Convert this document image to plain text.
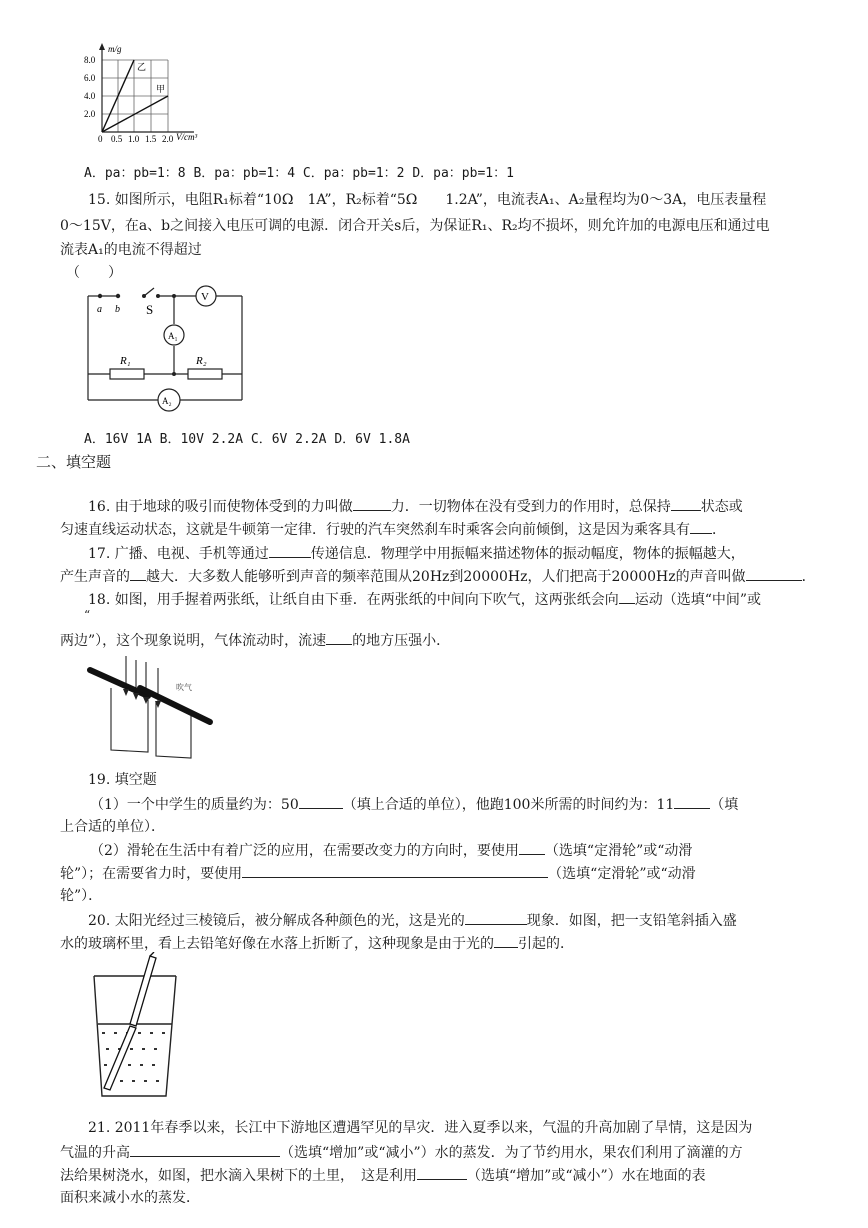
m/g
8.0
6.0
4.0
2.0
0 0.5 1.0 1.5 2.0 V/cm³
乙
甲
A．pa：pb=1：8 B．pa：pb=1：4 C．pa：pb=1：2 D．pa：pb=1：1
15. 如图所示，电阻R₁标着“10Ω　1A”，R₂标着“5Ω　　1.2A”，电流表A₁、A₂量程均为0～3A，电压表量程
0～15V，在a、b之间接入电压可调的电源．闭合开关s后，为保证R₁、R₂均不损坏，则允许加的电源电压和通过电
流表A₁的电流不得超过
（　　）
a b S
V
A₁
A₂
R₁	R₂
A．16V 1A B．10V 2.2A C．6V 2.2A D．6V 1.8A
二、填空题
16. 由于地球的吸引而使物体受到的力叫做	力．一切物体在没有受到力的作用时，总保持 状态或
匀速直线运动状态，这就是牛顿第一定律．行驶的汽车突然刹车时乘客会向前倾倒，这是因为乘客具有 ．
17. 广播、电视、手机等通过	传递信息．物理学中用振幅来描述物体的振动幅度，物体的振幅越大，
产生声音的 越大．大多数人能够听到声音的频率范围从20Hz到20000Hz，人们把高于20000Hz的声音叫做	．
18. 如图，用手握着两张纸，让纸自由下垂．在两张纸的中间向下吹气，这两张纸会向 运动（选填“中间”或
“
两边”），这个现象说明，气体流动时，流速 的地方压强小．
吹气
19. 填空题
（1）一个中学生的质量约为：50	（填上合适的单位），他跑100米所需的时间约为：11	（填
上合适的单位）．
（2）滑轮在生活中有着广泛的应用，在需要改变力的方向时，要使用 （选填“定滑轮”或“动滑
轮”）；在需要省力时，要使用	（选填“定滑轮”或“动滑
轮”）．
20. 太阳光经过三棱镜后，被分解成各种颜色的光，这是光的	现象．如图，把一支铅笔斜插入盛
水的玻璃杯里，看上去铅笔好像在水落上折断了，这种现象是由于光的 引起的．
21. 2011年春季以来，长江中下游地区遭遇罕见的旱灾．进入夏季以来，气温的升高加剧了旱情，这是因为
气温的升高	（选填“增加”或“减小”）水的蒸发．为了节约用水，果农们利用了滴灌的方
法给果树浇水，如图，把水滴入果树下的土里，　这是利用	（选填“增加”或“减小”）水在地面的表
面积来减小水的蒸发．
